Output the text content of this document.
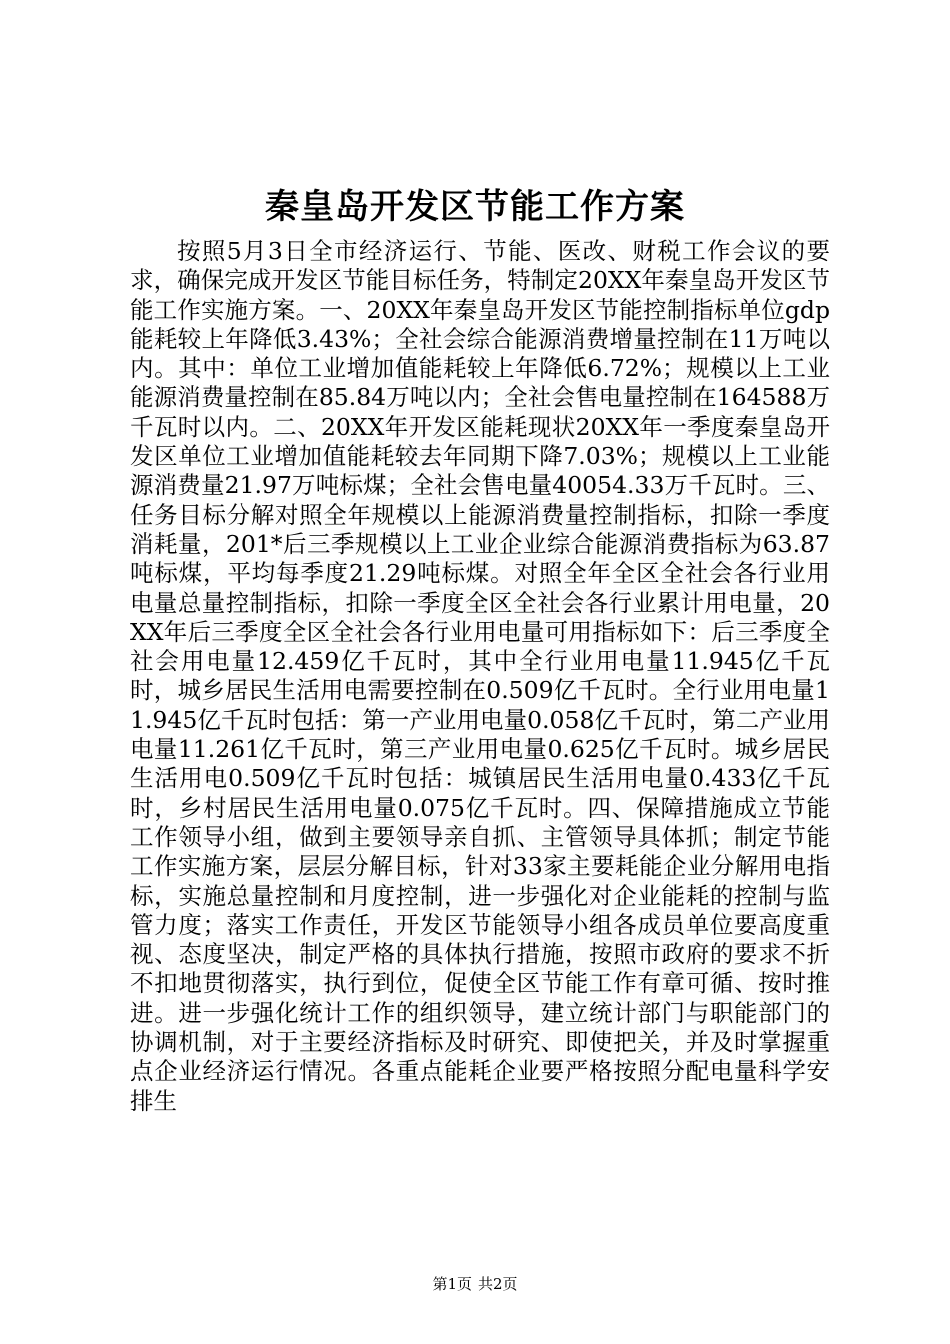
秦皇岛开发区节能工作方案

按照5月3日全市经济运行、节能、医改、财税工作会议的要求，确保完成开发区节能目标任务，特制定20XX年秦皇岛开发区节能工作实施方案。一、20XX年秦皇岛开发区节能控制指标单位gdp能耗较上年降低3.43%；全社会综合能源消费增量控制在11万吨以内。其中：单位工业增加值能耗较上年降低6.72%；规模以上工业能源消费量控制在85.84万吨以内；全社会售电量控制在164588万千瓦时以内。二、20XX年开发区能耗现状20XX年一季度秦皇岛开发区单位工业增加值能耗较去年同期下降7.03%；规模以上工业能源消费量21.97万吨标煤；全社会售电量40054.33万千瓦时。三、任务目标分解对照全年规模以上能源消费量控制指标，扣除一季度消耗量，201*后三季规模以上工业企业综合能源消费指标为63.87吨标煤，平均每季度21.29吨标煤。对照全年全区全社会各行业用电量总量控制指标，扣除一季度全区全社会各行业累计用电量，20XX年后三季度全区全社会各行业用电量可用指标如下：后三季度全社会用电量12.459亿千瓦时，其中全行业用电量11.945亿千瓦时，城乡居民生活用电需要控制在0.509亿千瓦时。全行业用电量11.945亿千瓦时包括：第一产业用电量0.058亿千瓦时，第二产业用电量11.261亿千瓦时，第三产业用电量0.625亿千瓦时。城乡居民生活用电0.509亿千瓦时包括：城镇居民生活用电量0.433亿千瓦时，乡村居民生活用电量0.075亿千瓦时。四、保障措施成立节能工作领导小组，做到主要领导亲自抓、主管领导具体抓；制定节能工作实施方案，层层分解目标，针对33家主要耗能企业分解用电指标，实施总量控制和月度控制，进一步强化对企业能耗的控制与监管力度；落实工作责任，开发区节能领导小组各成员单位要高度重视、态度坚决，制定严格的具体执行措施，按照市政府的要求不折不扣地贯彻落实，执行到位，促使全区节能工作有章可循、按时推进。进一步强化统计工作的组织领导，建立统计部门与职能部门的协调机制，对于主要经济指标及时研究、即使把关，并及时掌握重点企业经济运行情况。各重点能耗企业要严格按照分配电量科学安排生

第1页 共2页
